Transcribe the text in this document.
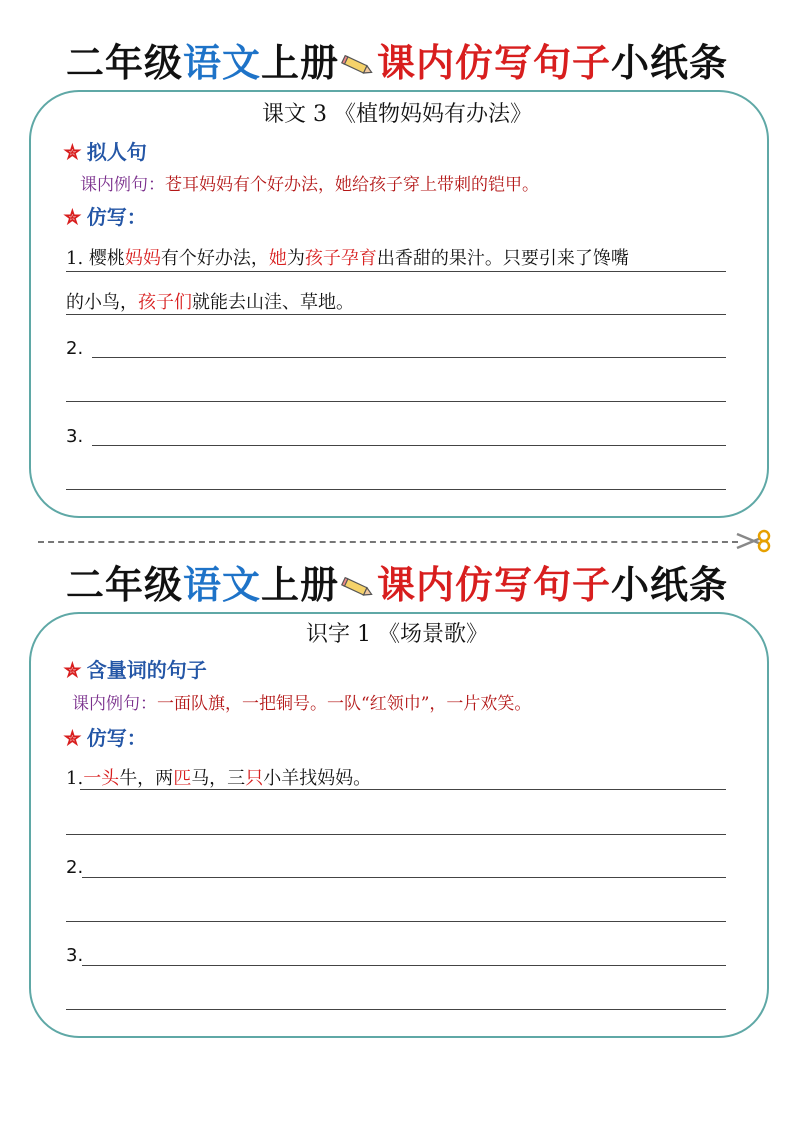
二年级语文上册 课内仿写句子小纸条
课文 3 《植物妈妈有办法》
✮ 拟人句
课内例句：苍耳妈妈有个好办法，她给孩子穿上带刺的铠甲。
✮ 仿写：
1. 樱桃妈妈有个好办法，她为孩子孕育出香甜的果汁。只要引来了馋嘴
的小鸟，孩子们就能去山洼、草地。
2.
3.
二年级语文上册 课内仿写句子小纸条
识字 1 《场景歌》
✮ 含量词的句子
课内例句：一面队旗，一把铜号。一队“红领巾”，一片欢笑。
✮ 仿写：
1.一头牛，两匹马，三只小羊找妈妈。
2.
3.
